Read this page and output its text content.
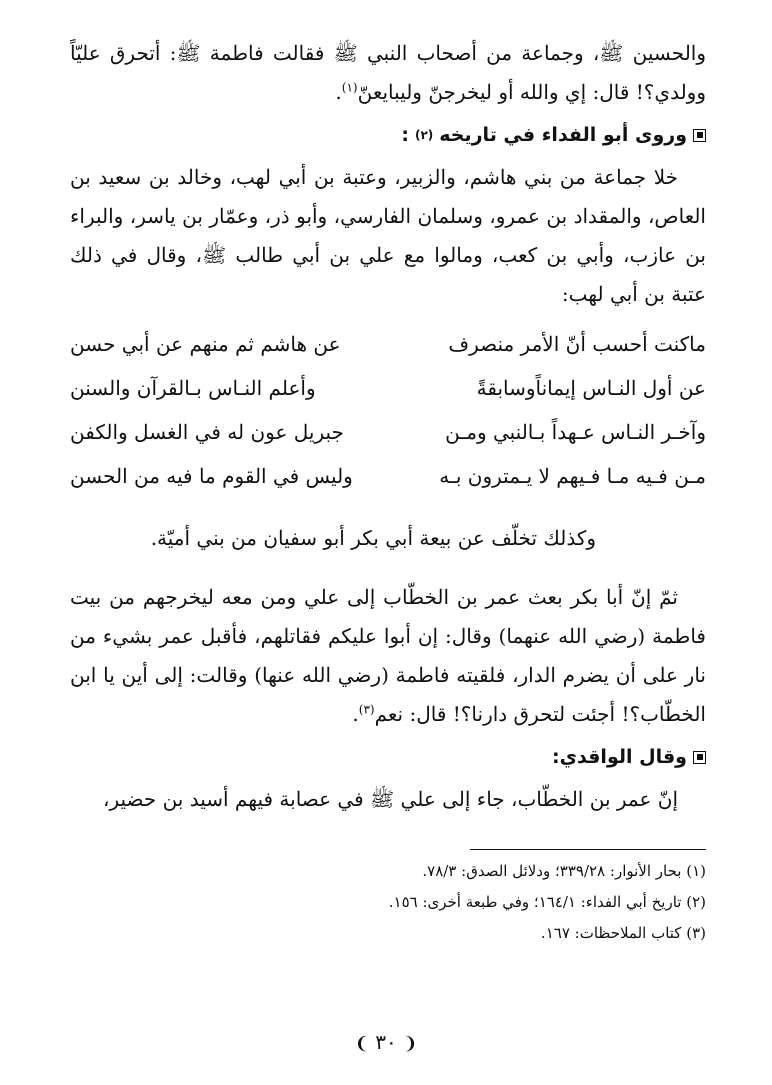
والحسين ﷺ، وجماعة من أصحاب النبي ﷺ فقالت فاطمة ﷺ: أتحرق عليّاً وولدي؟! قال: إي والله أو ليخرجنّ وليبايعنّ$^{(١)}$.

وروى أبو الفداء في تاريخه
(٢)
:

خلا جماعة من بني هاشم، والزبير، وعتبة بن أبي لهب، وخالد بن سعيد بن العاص، والمقداد بن عمرو، وسلمان الفارسي، وأبو ذر، وعمّار بن ياسر، والبراء بن عازب، وأبي بن كعب، ومالوا مع علي بن أبي طالب ﷺ، وقال في ذلك عتبة بن أبي لهب:

ماكنت أحسب أنّ الأمر منصرف
عن هاشم ثم منهم عن أبي حسن
عن أول النـاس إيماناًوسابقةً
وأعلم النـاس بـالقرآن والسنن
وآخـر النـاس عـهداً بـالنبي ومـن
جبريل عون له في الغسل والكفن
مـن فـيه مـا فـيهم لا يـمترون بـه
وليس في القوم ما فيه من الحسن

وكذلك تخلّف عن بيعة أبي بكر أبو سفيان من بني أميّة.

ثمّ إنّ أبا بكر بعث عمر بن الخطّاب إلى علي ومن معه ليخرجهم من بيت فاطمة (رضي الله عنهما) وقال: إن أبوا عليكم فقاتلهم، فأقبل عمر بشيء من نار على أن يضرم الدار، فلقيته فاطمة (رضي الله عنها) وقالت: إلى أين يا ابن الخطّاب؟! أجئت لتحرق دارنا؟! قال: نعم$^{(٣)}$.

وقال الواقدي:

إنّ عمر بن الخطّاب، جاء إلى علي ﷺ في عصابة فيهم أسيد بن حضير،

(١) بحار الأنوار: ٣٣٩/٢٨؛ ودلائل الصدق: ٧٨/٣.

(٢) تاريخ أبي الفداء: ١٦٤/١؛ وفي طبعة أخرى: ١٥٦.

(٣) كتاب الملاحظات: ١٦٧.

❨ ٣٠ ❩
